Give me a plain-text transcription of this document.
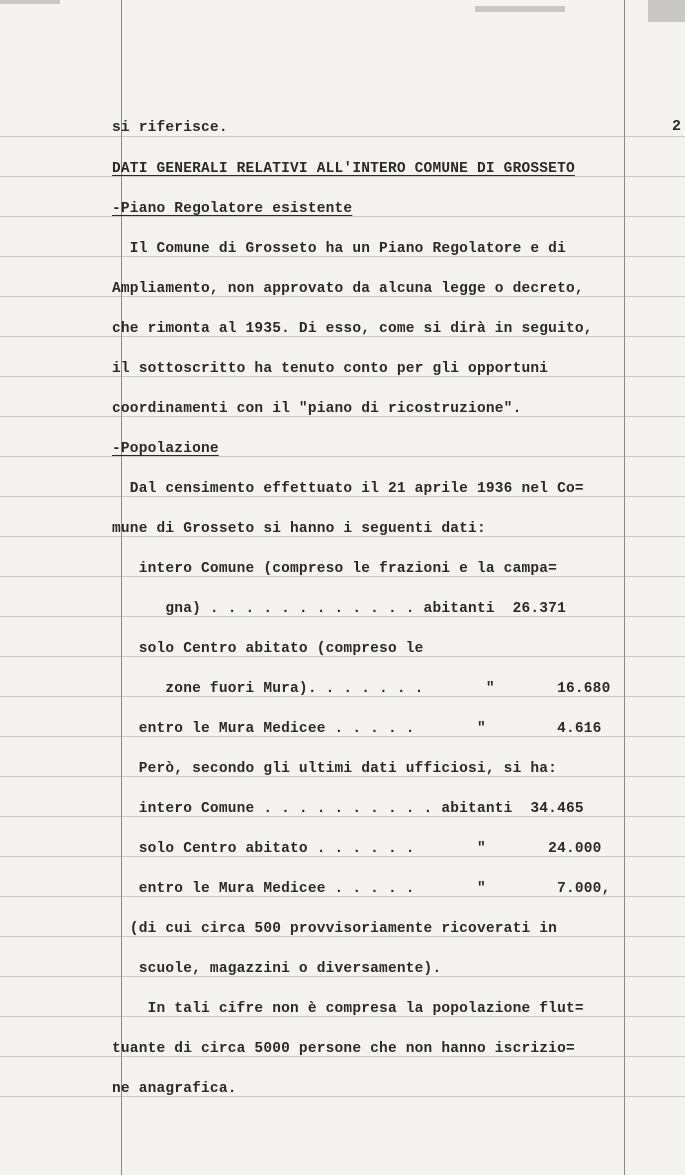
2
si riferisce.
DATI GENERALI RELATIVI ALL'INTERO COMUNE DI GROSSETO
-Piano Regolatore esistente
Il Comune di Grosseto ha un Piano Regolatore e di
Ampliamento, non approvato da alcuna legge o decreto,
che rimonta al 1935. Di esso, come si dirà in seguito,
il sottoscritto ha tenuto conto per gli opportuni
coordinamenti con il "piano di ricostruzione".
-Popolazione
Dal censimento effettuato il 21 aprile 1936 nel Co=
mune di Grosseto si hanno i seguenti dati:
intero Comune (compreso le frazioni e la campa=
gna) . . . . . . . . . . . . abitanti  26.371
solo Centro abitato (compreso le
zone fuori Mura). . . . . . .       "       16.680
entro le Mura Medicee . . . . .       "        4.616
Però, secondo gli ultimi dati ufficiosi, si ha:
intero Comune . . . . . . . . . . abitanti  34.465
solo Centro abitato . . . . . .       "       24.000
entro le Mura Medicee . . . . .       "        7.000,
(di cui circa 500 provvisoriamente ricoverati in
scuole, magazzini o diversamente).
In tali cifre non è compresa la popolazione flut=
tuante di circa 5000 persone che non hanno iscrizio=
ne anagrafica.
